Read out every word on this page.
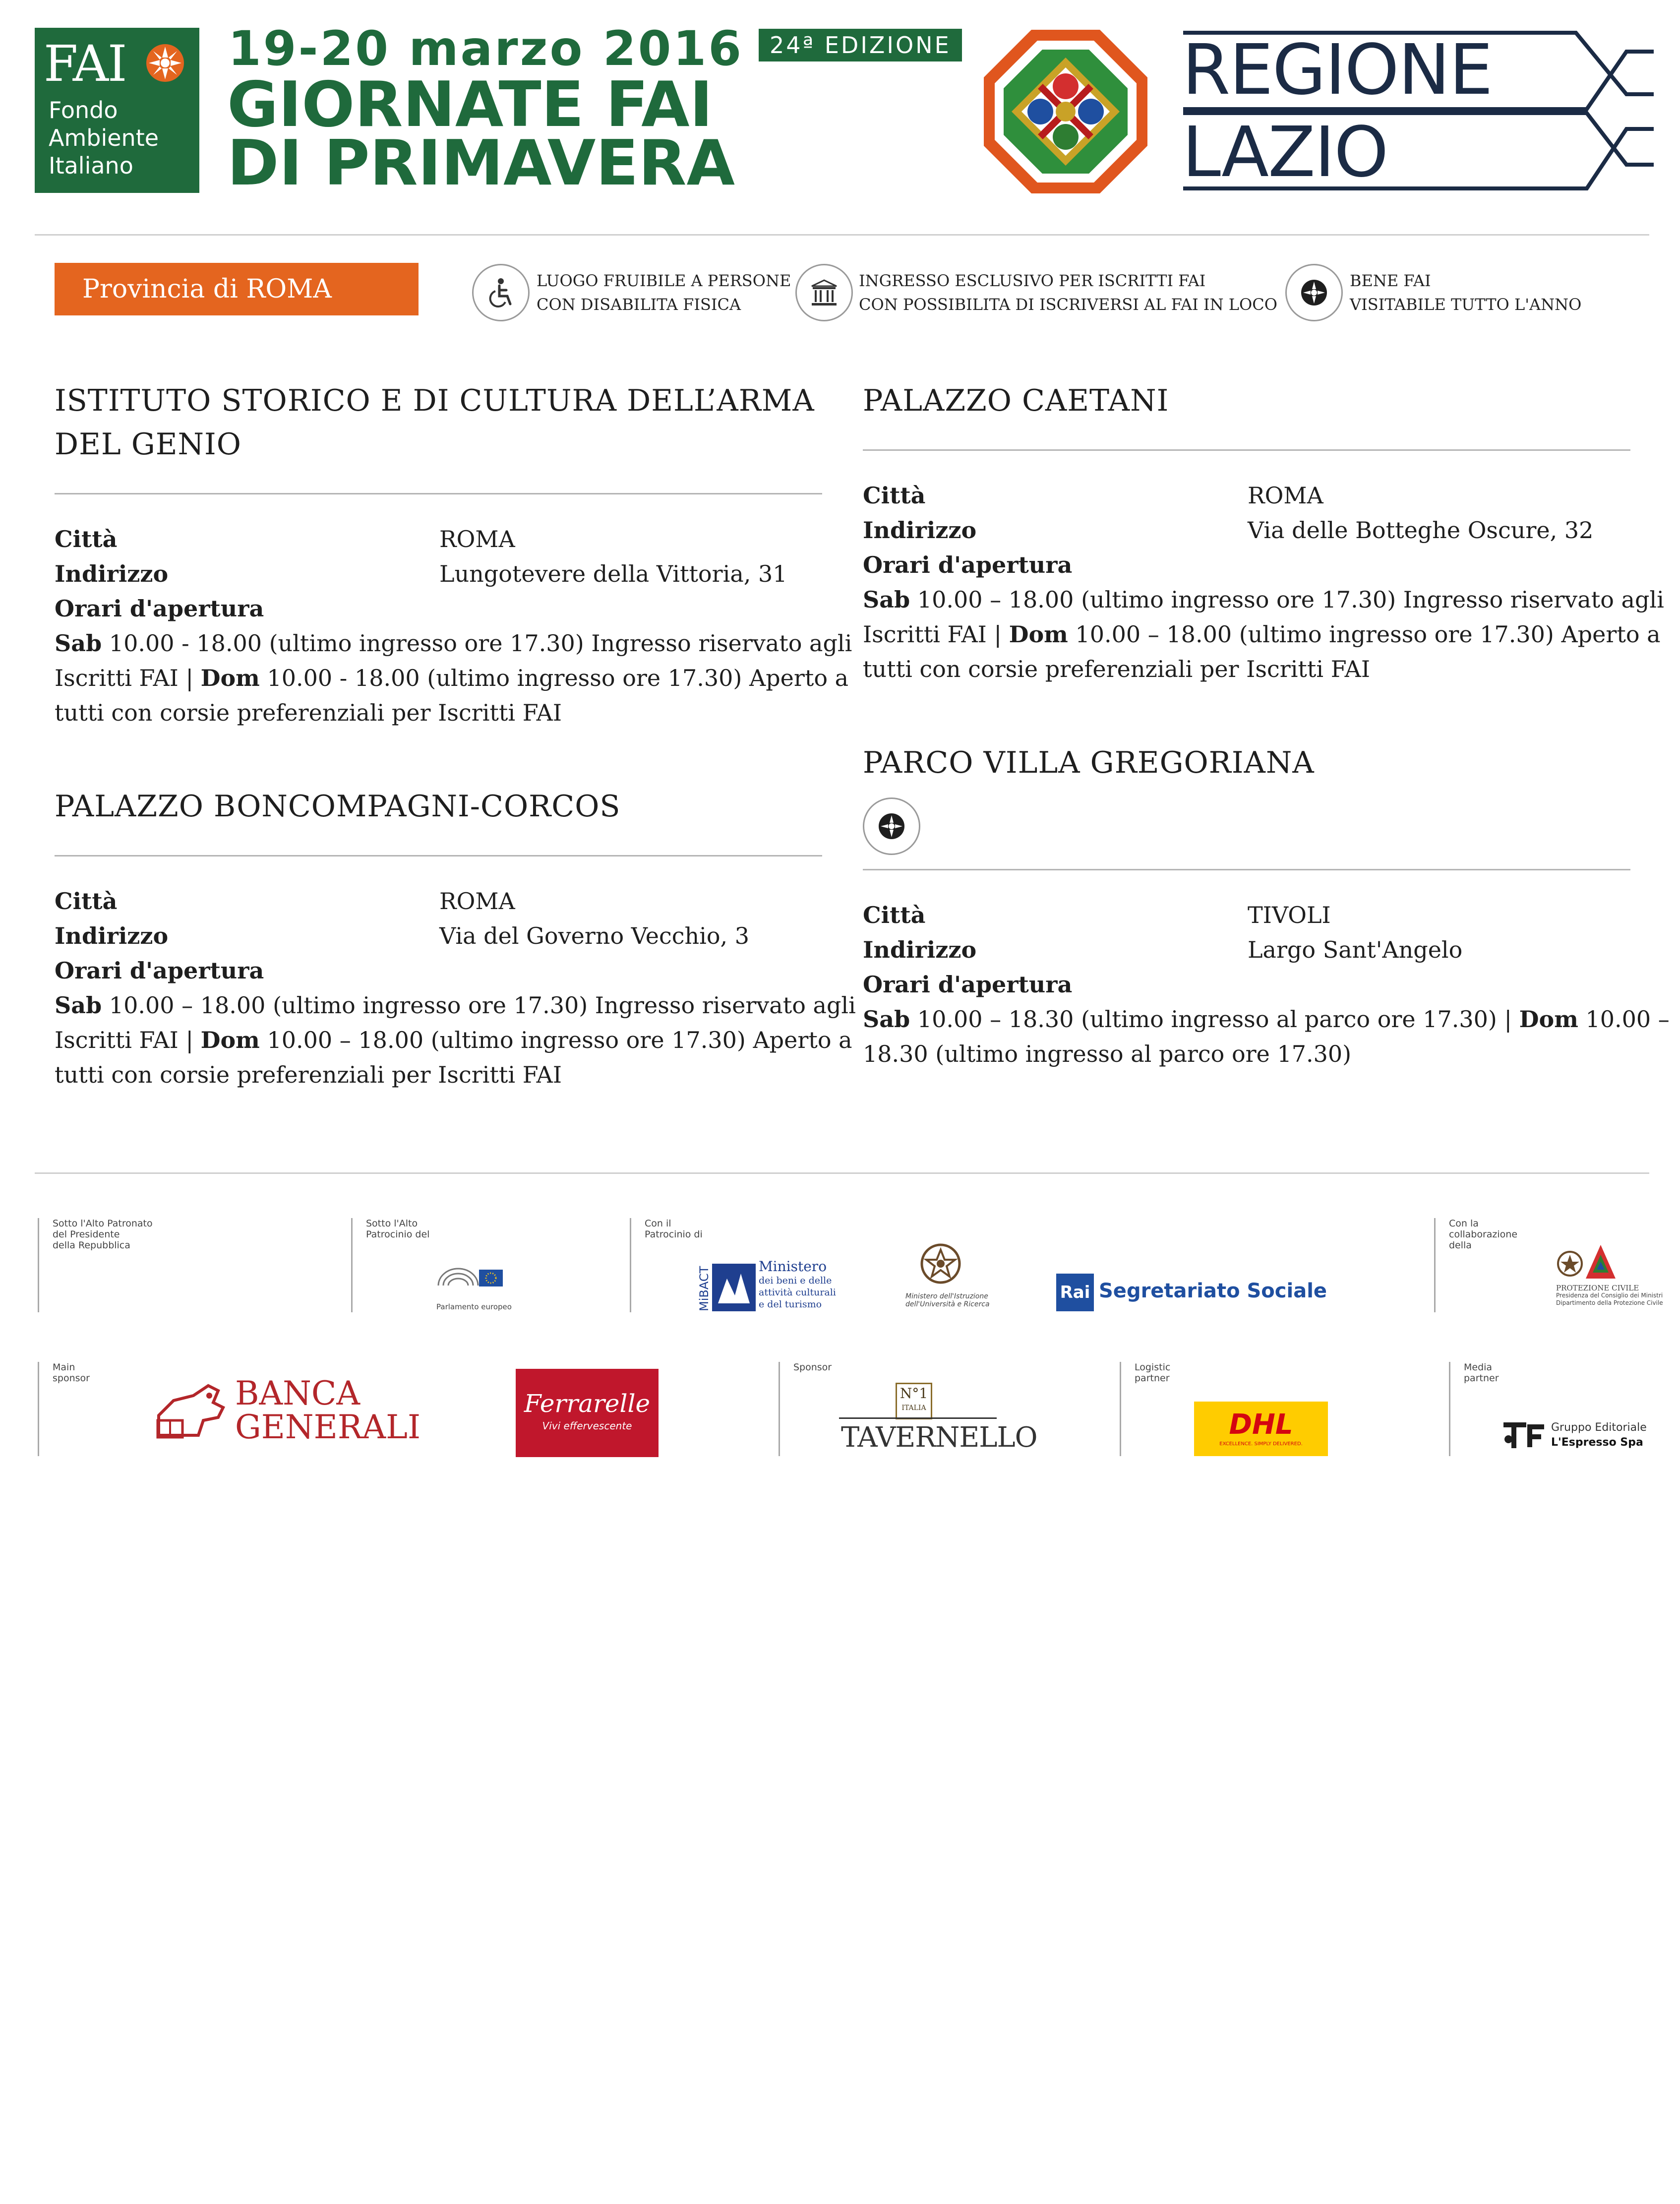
FAI
Fondo
Ambiente
Italiano
19-20 marzo 2016
GIORNATE FAI
DI PRIMAVERA
24ª EDIZIONE	REGIONE
LAZIO
Provincia di ROMA	LUOGO FRUIBILE A PERSONE
CON DISABILITA FISICA
INGRESSO ESCLUSIVO PER ISCRITTI FAI
CON POSSIBILITA DI ISCRIVERSI AL FAI IN LOCO
BENE FAI
VISITABILE TUTTO L'ANNO
ISTITUTO STORICO E DI CULTURA DELL’ARMA
DEL GENIO
Città	ROMA
Indirizzo	Lungotevere della Vittoria, 31
Orari d'apertura
Sab 10.00 - 18.00 (ultimo ingresso ore 17.30) Ingresso riservato agli
Iscritti FAI | Dom 10.00 - 18.00 (ultimo ingresso ore 17.30) Aperto a
tutti con corsie preferenziali per Iscritti FAI
PALAZZO BONCOMPAGNI-CORCOS
Città	ROMA
Indirizzo	Via del Governo Vecchio, 3
Orari d'apertura
Sab 10.00 – 18.00 (ultimo ingresso ore 17.30) Ingresso riservato agli
Iscritti FAI | Dom 10.00 – 18.00 (ultimo ingresso ore 17.30) Aperto a
tutti con corsie preferenziali per Iscritti FAI
PALAZZO CAETANI
Città	ROMA
Indirizzo	Via delle Botteghe Oscure, 32
Orari d'apertura
Sab 10.00 – 18.00 (ultimo ingresso ore 17.30) Ingresso riservato agli
Iscritti FAI | Dom 10.00 – 18.00 (ultimo ingresso ore 17.30) Aperto a
tutti con corsie preferenziali per Iscritti FAI
PARCO VILLA GREGORIANA
Città	TIVOLI
Indirizzo	Largo Sant'Angelo
Orari d'apertura
Sab 10.00 – 18.30 (ultimo ingresso al parco ore 17.30) | Dom 10.00 –
18.30 (ultimo ingresso al parco ore 17.30)
Sotto l'Alto Patronato
del Presidente
della Repubblica
Sotto l'Alto
Patrocinio del
Parlamento europeo
Con il
Patrocinio di
MiBACT	Ministero
dei beni e delle
attività culturali
e del turismo
Ministero dell'Istruzione
dell'Università e Ricerca
Rai Segretariato Sociale
Con la
collaborazione
della
PROTEZIONE CIVILE
Presidenza del Consiglio dei Ministri
Dipartimento della Protezione Civile
Main
sponsor	BANCA
GENERALI
Ferrarelle
Vivi effervescente
Sponsor
N°1
ITALIA
TAVERNELLO
Logistic
partner
DHL
EXCELLENCE. SIMPLY DELIVERED.
Media
partner
Gruppo Editoriale
L'Espresso Spa
